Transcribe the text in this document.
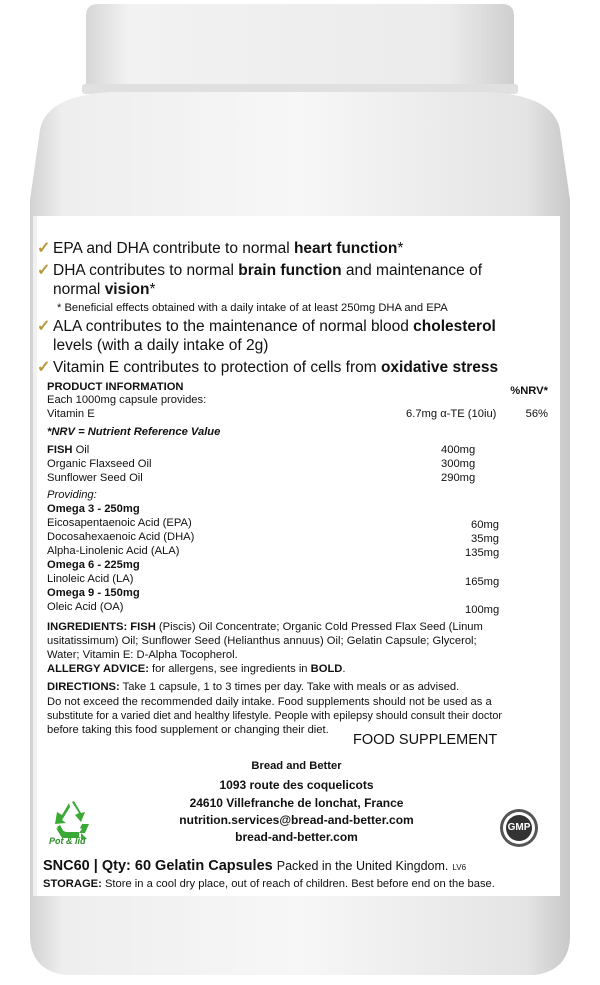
✓ EPA and DHA contribute to normal heart function*
✓ DHA contributes to normal brain function and maintenance of
normal vision*
* Beneficial effects obtained with a daily intake of at least 250mg DHA and EPA
✓ ALA contributes to the maintenance of normal blood cholesterol
levels (with a daily intake of 2g)
✓ Vitamin E contributes to protection of cells from oxidative stress
PRODUCT INFORMATION	%NRV*
Each 1000mg capsule provides:
Vitamin E	6.7mg α-TE (10iu)	56%
*NRV = Nutrient Reference Value
FISH Oil	400mg
Organic Flaxseed Oil	300mg
Sunflower Seed Oil	290mg
Providing:
Omega 3 - 250mg
Eicosapentaenoic Acid (EPA)	60mg
Docosahexaenoic Acid (DHA)	35mg
Alpha-Linolenic Acid (ALA)	135mg
Omega 6 - 225mg
Linoleic Acid (LA)	165mg
Omega 9 - 150mg
Oleic Acid (OA)	100mg
INGREDIENTS: FISH (Piscis) Oil Concentrate; Organic Cold Pressed Flax Seed (Linum
usitatissimum) Oil; Sunflower Seed (Helianthus annuus) Oil; Gelatin Capsule; Glycerol;
Water; Vitamin E: D-Alpha Tocopherol.
ALLERGY ADVICE: for allergens, see ingredients in BOLD.
DIRECTIONS: Take 1 capsule, 1 to 3 times per day. Take with meals or as advised.
Do not exceed the recommended daily intake. Food supplements should not be used as a
substitute for a varied diet and healthy lifestyle. People with epilepsy should consult their doctor
before taking this food supplement or changing their diet.
FOOD SUPPLEMENT
Bread and Better
1093 route des coquelicots
24610 Villefranche de lonchat, France
nutrition.services@bread-and-better.com
bread-and-better.com
Pot & lid
GMP
SNC60 | Qty: 60 Gelatin Capsules Packed in the United Kingdom. LV6
STORAGE: Store in a cool dry place, out of reach of children. Best before end on the base.
